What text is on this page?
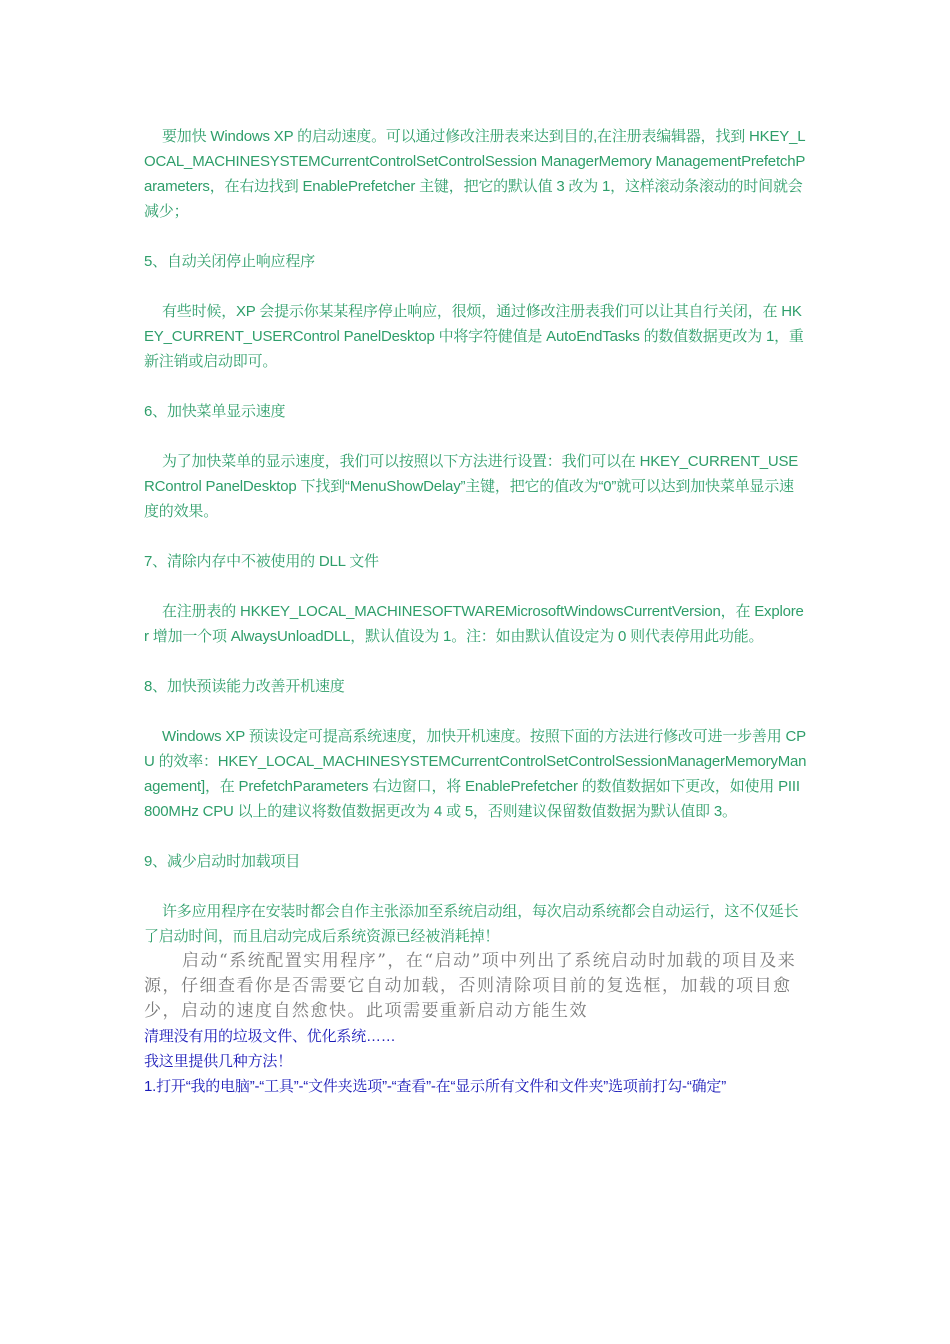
要加快 Windows XP 的启动速度。可以通过修改注册表来达到目的,在注册表编辑器，找到 HKEY_LOCAL_MACHINESYSTEMCurrentControlSetControlSession ManagerMemory ManagementPrefetchParameters，在右边找到 EnablePrefetcher 主键，把它的默认值 3 改为 1，这样滚动条滚动的时间就会减少；

5、自动关闭停止响应程序

有些时候，XP 会提示你某某程序停止响应，很烦，通过修改注册表我们可以让其自行关闭，在 HKEY_CURRENT_USERControl PanelDesktop 中将字符健值是 AutoEndTasks 的数值数据更改为 1，重新注销或启动即可。

6、加快菜单显示速度

为了加快菜单的显示速度，我们可以按照以下方法进行设置：我们可以在 HKEY_CURRENT_USERControl PanelDesktop 下找到“MenuShowDelay”主键，把它的值改为“0”就可以达到加快菜单显示速度的效果。

7、清除内存中不被使用的 DLL 文件

在注册表的 HKKEY_LOCAL_MACHINESOFTWAREMicrosoftWindowsCurrentVersion，在 Explorer 增加一个项 AlwaysUnloadDLL，默认值设为 1。注：如由默认值设定为 0 则代表停用此功能。

8、加快预读能力改善开机速度

Windows XP 预读设定可提高系统速度，加快开机速度。按照下面的方法进行修改可进一步善用 CPU 的效率：HKEY_LOCAL_MACHINESYSTEMCurrentControlSetControlSessionManagerMemoryManagement]，在 PrefetchParameters 右边窗口，将 EnablePrefetcher 的数值数据如下更改，如使用 PIII 800MHz CPU 以上的建议将数值数据更改为 4 或 5，否则建议保留数值数据为默认值即 3。

9、减少启动时加载项目

许多应用程序在安装时都会自作主张添加至系统启动组，每次启动系统都会自动运行，这不仅延长了启动时间，而且启动完成后系统资源已经被消耗掉！

启动“系统配置实用程序”，在“启动”项中列出了系统启动时加载的项目及来源，仔细查看你是否需要它自动加载，否则清除项目前的复选框，加载的项目愈少，启动的速度自然愈快。此项需要重新启动方能生效

清理没有用的垃圾文件、优化系统……

我这里提供几种方法！

1.打开“我的电脑”-“工具”-“文件夹选项”-“查看”-在“显示所有文件和文件夹”选项前打勾-“确定”
